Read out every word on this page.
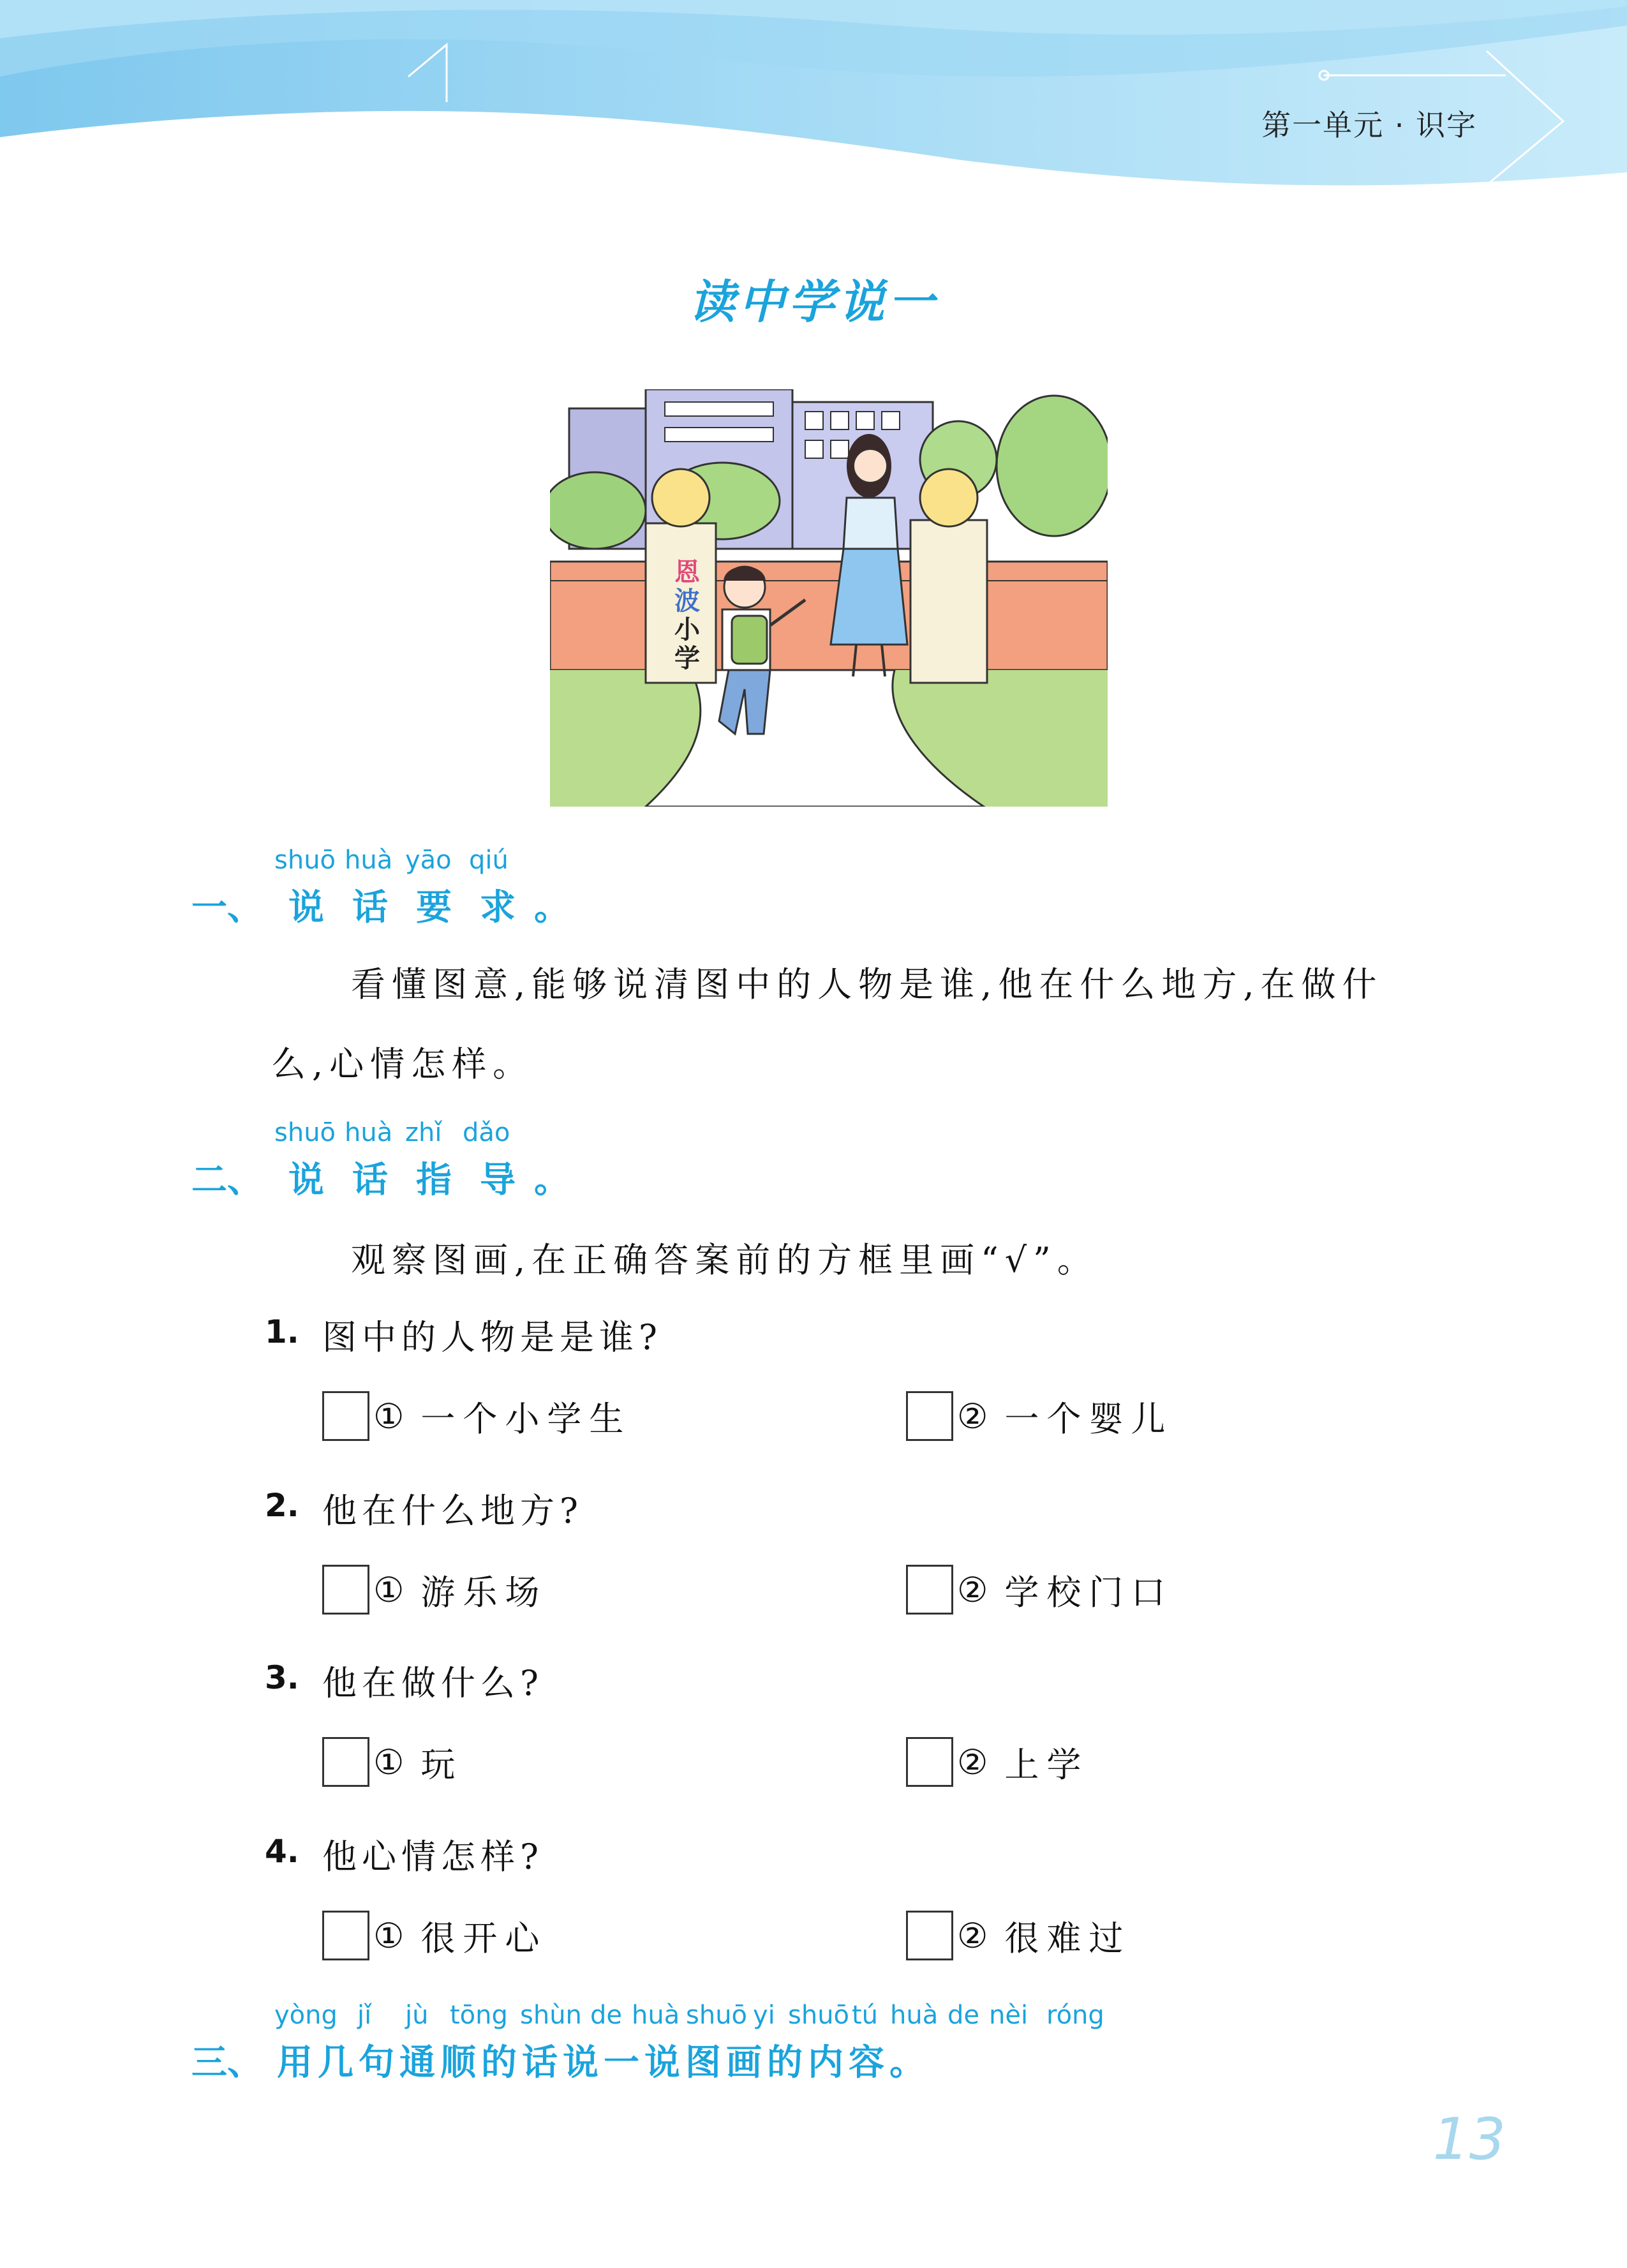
第一单元 · 识字
读中学说一
恩
波
小
学
shuō huà yāo qiú
一、 说 话 要 求 。
看懂图意,能够说清图中的人物是谁,他在什么地方,在做什
么,心情怎样。
shuō huà zhǐ dǎo
二、 说 话 指 导 。
观察图画,在正确答案前的方框里画“√”。
1. 图中的人物是是谁?
① 一个小学生	② 一个婴儿
2. 他在什么地方?
① 游乐场	② 学校门口
3. 他在做什么?
① 玩	② 上学
4. 他心情怎样?
① 很开心	② 很难过
yòng jǐ jù tōng shùn de huà shuō yi shuōtú huà de nèi róng
三、 用 几 句 通 顺 的 话 说 一 说 图 画 的 内 容 。
13
